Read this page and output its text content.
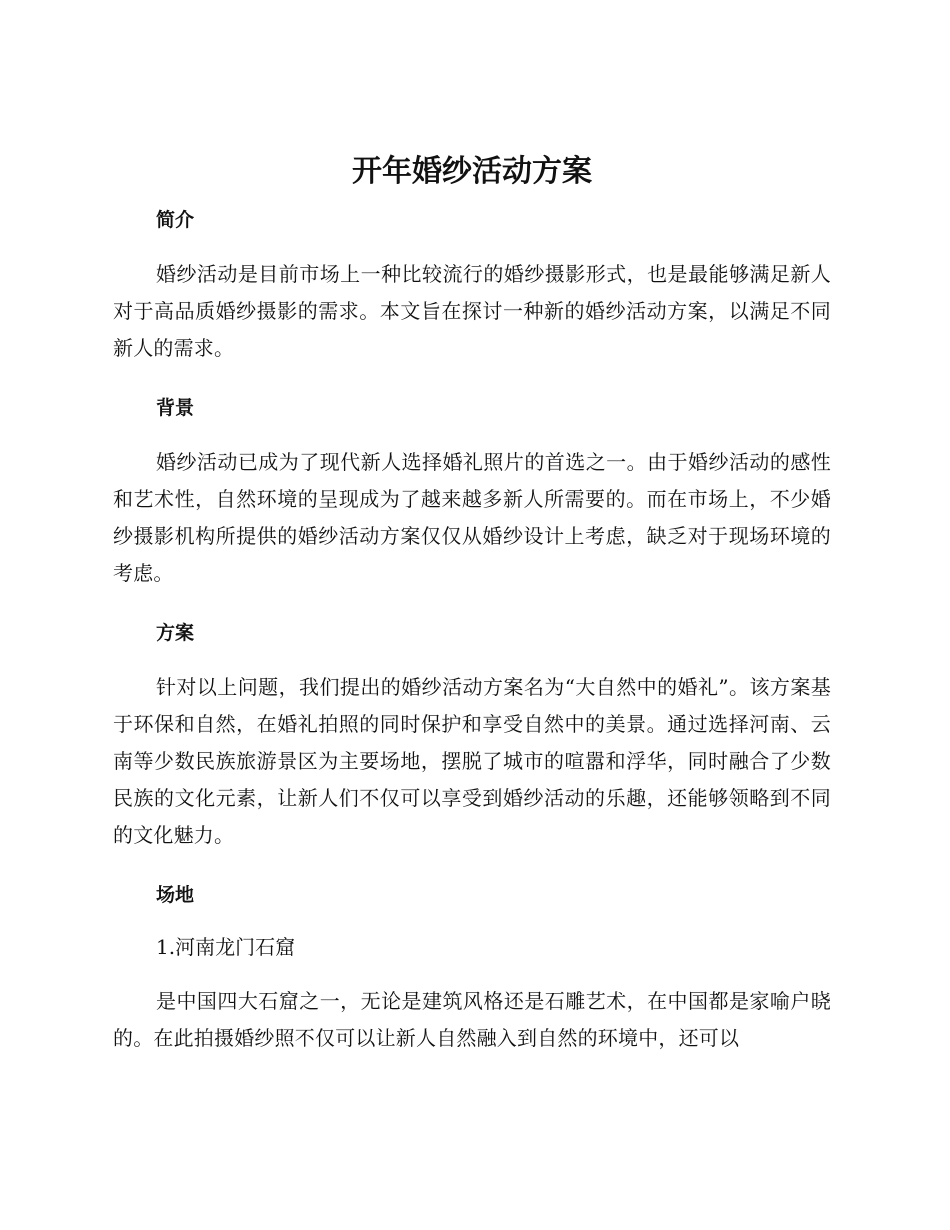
开年婚纱活动方案
简介

婚纱活动是目前市场上一种比较流行的婚纱摄影形式，也是最能够满足新人对于高品质婚纱摄影的需求。本文旨在探讨一种新的婚纱活动方案，以满足不同新人的需求。

背景

婚纱活动已成为了现代新人选择婚礼照片的首选之一。由于婚纱活动的感性和艺术性，自然环境的呈现成为了越来越多新人所需要的。而在市场上，不少婚纱摄影机构所提供的婚纱活动方案仅仅从婚纱设计上考虑，缺乏对于现场环境的考虑。

方案

针对以上问题，我们提出的婚纱活动方案名为“大自然中的婚礼”。该方案基于环保和自然，在婚礼拍照的同时保护和享受自然中的美景。通过选择河南、云南等少数民族旅游景区为主要场地，摆脱了城市的喧嚣和浮华，同时融合了少数民族的文化元素，让新人们不仅可以享受到婚纱活动的乐趣，还能够领略到不同的文化魅力。

场地

1.河南龙门石窟

是中国四大石窟之一，无论是建筑风格还是石雕艺术，在中国都是家喻户晓的。在此拍摄婚纱照不仅可以让新人自然融入到自然的环境中，还可以
